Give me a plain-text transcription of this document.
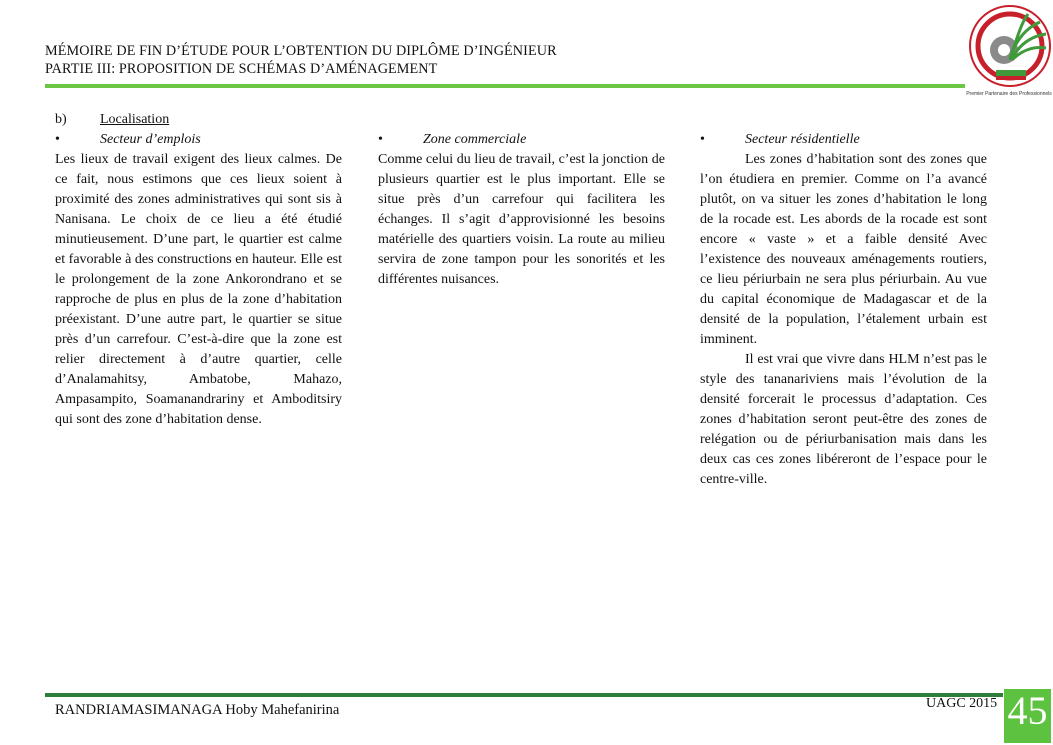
MÉMOIRE DE FIN D’ÉTUDE POUR L’OBTENTION DU DIPLÔME D’INGÉNIEUR
PARTIE III: PROPOSITION DE SCHÉMAS D’AMÉNAGEMENT
Premier Partenaire des Professionnels
b)	Localisation
•	Secteur d’emplois

Les lieux de travail exigent des lieux calmes. De ce fait, nous estimons que ces lieux soient à proximité des zones administratives qui sont sis à Nanisana. Le choix de ce lieu a été étudié minutieusement. D’une part, le quartier est calme et favorable à des constructions en hauteur. Elle est le prolongement de la zone Ankorondrano et se rapproche de plus en plus de la zone d’habitation préexistant. D’une autre part, le quartier se situe près d’un carrefour. C’est-à-dire que la zone est relier directement à d’autre quartier, celle d’Analamahitsy, Ambatobe, Mahazo, Ampasampito, Soamanandrariny et Amboditsiry qui sont des zone d’habitation dense.

•	Zone commerciale

Comme celui du lieu de travail, c’est la jonction de plusieurs quartier est le plus important. Elle se situe près d’un carrefour qui facilitera les échanges. Il s’agit d’approvisionné les besoins matérielle des quartiers voisin. La route au milieu servira de zone tampon pour les sonorités et les différentes nuisances.

•	Secteur résidentielle

Les zones d’habitation sont des zones que l’on étudiera en premier. Comme on l’a avancé plutôt, on va situer les zones d’habitation le long de la rocade est. Les abords de la rocade est sont encore « vaste » et a faible densité Avec l’existence des nouveaux aménagements routiers, ce lieu périurbain ne sera plus périurbain. Au vue du capital économique de Madagascar et de la densité de la population, l’étalement urbain est imminent.

Il est vrai que vivre dans HLM n’est pas le style des tananariviens mais l’évolution de la densité forcerait le processus d’adaptation. Ces zones d’habitation seront peut-être des zones de relégation ou de périurbanisation mais dans les deux cas ces zones libéreront de l’espace pour le centre-ville.

RANDRIAMASIMANAGA Hoby Mahefanirina	UAGC 2015 45
